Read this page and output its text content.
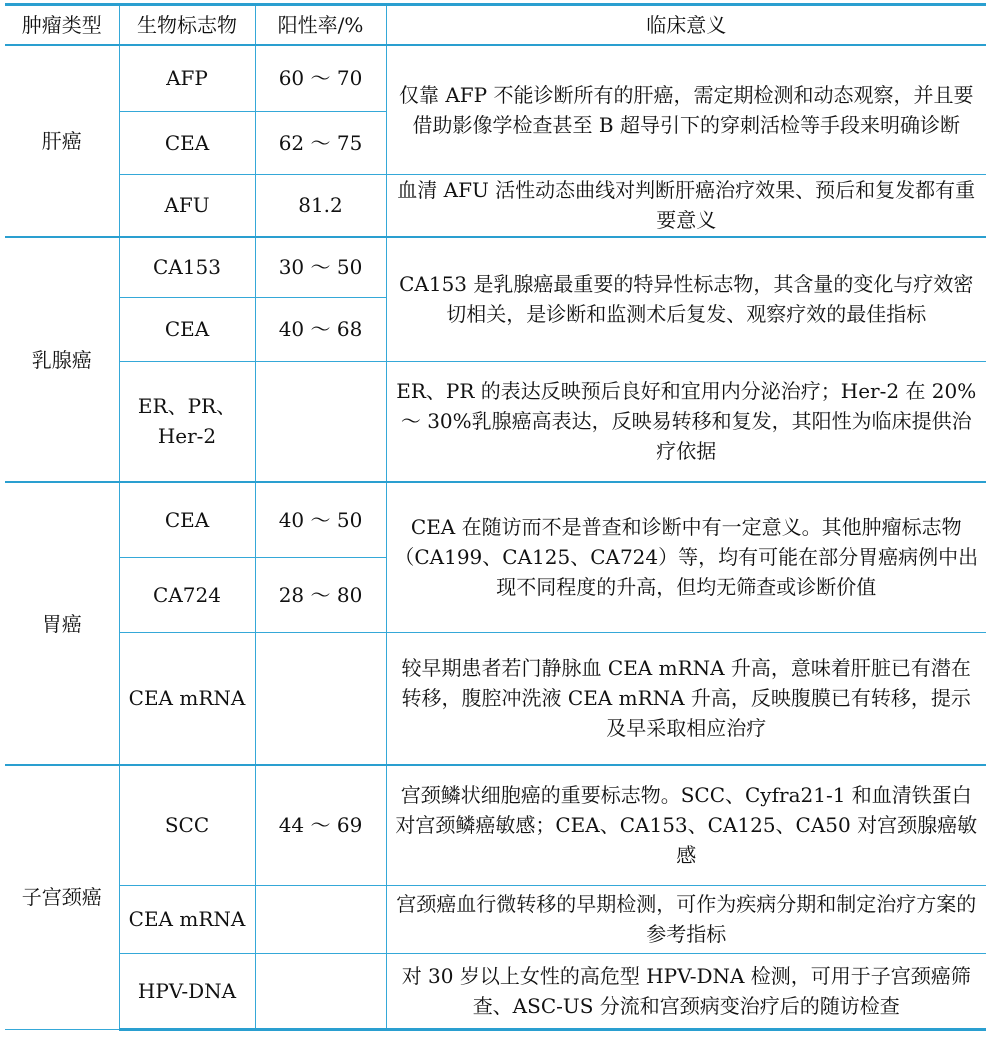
肿瘤类型	生物标志物	阳性率/%	临床意义
肝癌	AFP	60 ～ 70	仅靠 AFP 不能诊断所有的肝癌，需定期检测和动态观察，并且要借助影像学检查甚至 B 超导引下的穿刺活检等手段来明确诊断
	CEA	62 ～ 75	
	AFU	81.2	血清 AFU 活性动态曲线对判断肝癌治疗效果、预后和复发都有重要意义
乳腺癌	CA153	30 ～ 50	CA153 是乳腺癌最重要的特异性标志物，其含量的变化与疗效密切相关，是诊断和监测术后复发、观察疗效的最佳指标
	CEA	40 ～ 68	
	ER、PR、Her-2		ER、PR 的表达反映预后良好和宜用内分泌治疗；Her-2 在 20%～ 30%乳腺癌高表达，反映易转移和复发，其阳性为临床提供治疗依据
胃癌	CEA	40 ～ 50	CEA 在随访而不是普查和诊断中有一定意义。其他肿瘤标志物（CA199、CA125、CA724）等，均有可能在部分胃癌病例中出现不同程度的升高，但均无筛查或诊断价值
	CA724	28 ～ 80	
	CEA mRNA		较早期患者若门静脉血 CEA mRNA 升高，意味着肝脏已有潜在转移，腹腔冲洗液 CEA mRNA 升高，反映腹膜已有转移，提示及早采取相应治疗
子宫颈癌	SCC	44 ～ 69	宫颈鳞状细胞癌的重要标志物。SCC、Cyfra21-1 和血清铁蛋白对宫颈鳞癌敏感；CEA、CA153、CA125、CA50 对宫颈腺癌敏感
	CEA mRNA		宫颈癌血行微转移的早期检测，可作为疾病分期和制定治疗方案的参考指标
	HPV-DNA		对 30 岁以上女性的高危型 HPV-DNA 检测，可用于子宫颈癌筛查、ASC-US 分流和宫颈病变治疗后的随访检查
